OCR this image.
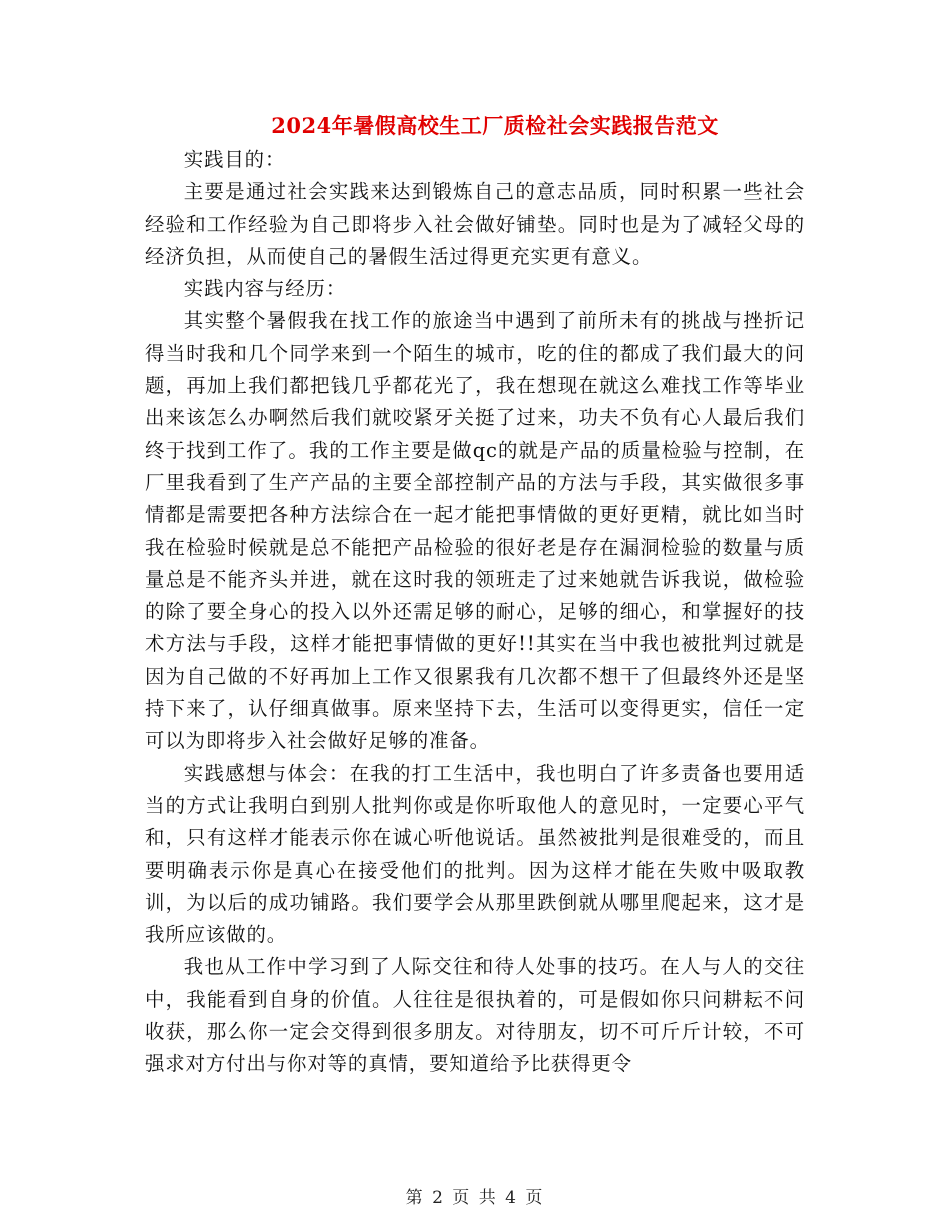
2024年暑假高校生工厂质检社会实践报告范文

实践目的：

主要是通过社会实践来达到锻炼自己的意志品质，同时积累一些社会经验和工作经验为自己即将步入社会做好铺垫。同时也是为了减轻父母的经济负担，从而使自己的暑假生活过得更充实更有意义。

实践内容与经历：

其实整个暑假我在找工作的旅途当中遇到了前所未有的挑战与挫折记得当时我和几个同学来到一个陌生的城市，吃的住的都成了我们最大的问题，再加上我们都把钱几乎都花光了，我在想现在就这么难找工作等毕业出来该怎么办啊然后我们就咬紧牙关挺了过来，功夫不负有心人最后我们终于找到工作了。我的工作主要是做qc的就是产品的质量检验与控制，在厂里我看到了生产产品的主要全部控制产品的方法与手段，其实做很多事情都是需要把各种方法综合在一起才能把事情做的更好更精，就比如当时我在检验时候就是总不能把产品检验的很好老是存在漏洞检验的数量与质量总是不能齐头并进，就在这时我的领班走了过来她就告诉我说，做检验的除了要全身心的投入以外还需足够的耐心，足够的细心，和掌握好的技术方法与手段，这样才能把事情做的更好!!其实在当中我也被批判过就是因为自己做的不好再加上工作又很累我有几次都不想干了但最终外还是坚持下来了，认仔细真做事。原来坚持下去，生活可以变得更实，信任一定可以为即将步入社会做好足够的准备。

实践感想与体会：在我的打工生活中，我也明白了许多责备也要用适当的方式让我明白到别人批判你或是你听取他人的意见时，一定要心平气和，只有这样才能表示你在诚心听他说话。虽然被批判是很难受的，而且要明确表示你是真心在接受他们的批判。因为这样才能在失败中吸取教训，为以后的成功铺路。我们要学会从那里跌倒就从哪里爬起来，这才是我所应该做的。

我也从工作中学习到了人际交往和待人处事的技巧。在人与人的交往中，我能看到自身的价值。人往往是很执着的，可是假如你只问耕耘不问收获，那么你一定会交得到很多朋友。对待朋友，切不可斤斤计较，不可强求对方付出与你对等的真情，要知道给予比获得更令

第 2 页 共 4 页
